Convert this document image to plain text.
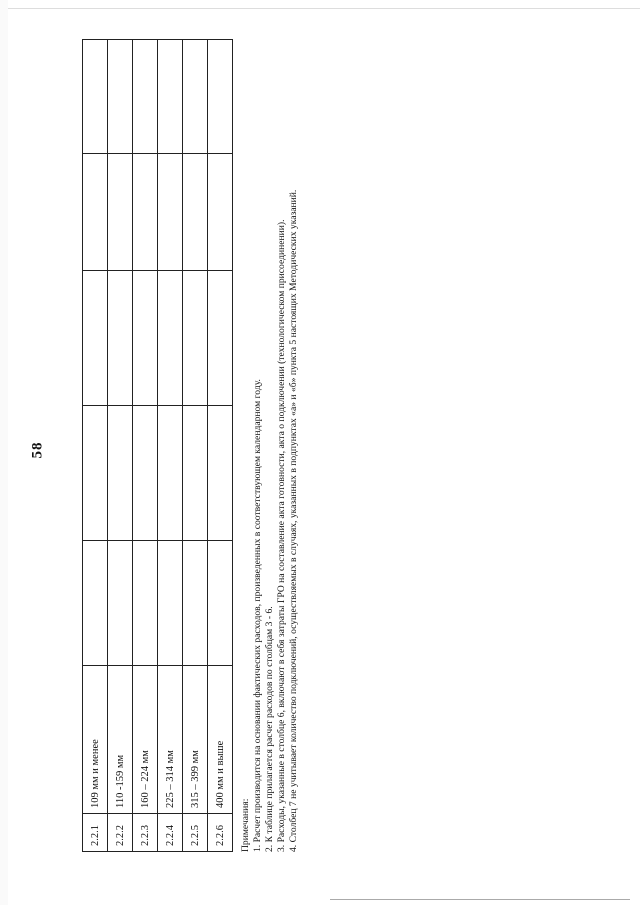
58
2.2.1	109 мм и менее					
2.2.2	110 -159 мм					
2.2.3	160 – 224 мм					
2.2.4	225 – 314 мм					
2.2.5	315 – 399 мм					
2.2.6	400 мм и выше					
Примечания: 1. Расчет производится на основании фактических расходов, произведенных в соответствующем календарном году. 2. К таблице прилагается расчет расходов по столбцам 3 - 6. 3. Расходы, указанные в столбце 6, включают в себя затраты ГРО на составление акта готовности, акта о подключении (технологическом присоединении). 4. Столбец 7 не учитывает количество подключений, осуществляемых в случаях, указанных в подпунктах «а» и «б» пункта 5 настоящих Методических указаний.
